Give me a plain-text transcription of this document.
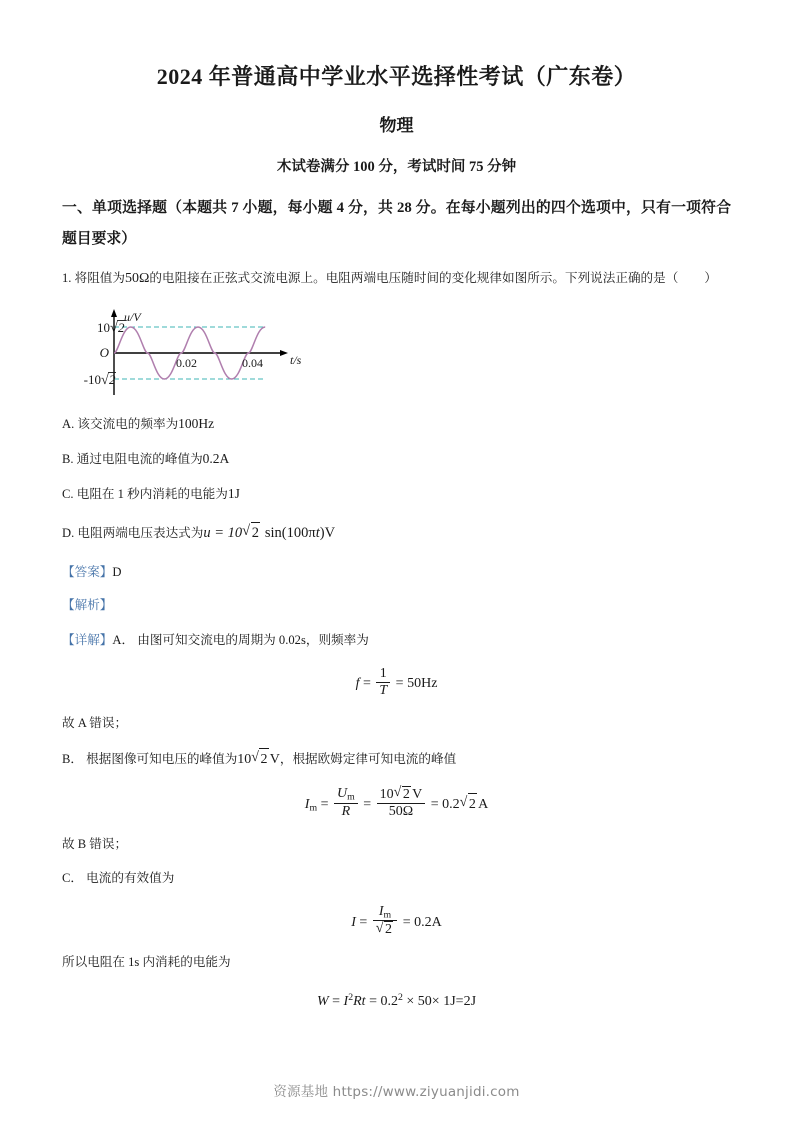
2024 年普通高中学业水平选择性考试（广东卷）
物理
木试卷满分 100 分，考试时间 75 分钟
一、单项选择题（本题共 7 小题，每小题 4 分，共 28 分。在每小题列出的四个选项中，只有一项符合题目要求）
1. 将阻值为50Ω的电阻接在正弦式交流电源上。电阻两端电压随时间的变化规律如图所示。下列说法正确的是（ ）
10 √ 2
-10 √ 2
O
0.02	0.04
u/V
t/s
A. 该交流电的频率为100Hz
B. 通过电阻电流的峰值为0.2A
C. 电阻在 1 秒内消耗的电能为1J
D. 电阻两端电压表达式为u = 10 √ 2 sin(100πt)V
【答案】D
【解析】
【详解】A． 由图可知交流电的周期为 0.02s，则频率为
$f = \frac{1}{T} = 50Hz$
故 A 错误；
B． 根据图像可知电压的峰值为10 √ 2 V，根据欧姆定律可知电流的峰值
$I_m = \frac{U_m}{R} = \frac{10 √ 2 V}{50\Omega} = 0.2$ √ 2 A
故 B 错误；
C． 电流的有效值为
$I = I_m$
√ 2 = 0.2A
所以电阻在 1s 内消耗的电能为
$W = I^2Rt = 0.2^2 \times 50\times 1J=2J$
资源基地 https://www.ziyuanjidi.com
